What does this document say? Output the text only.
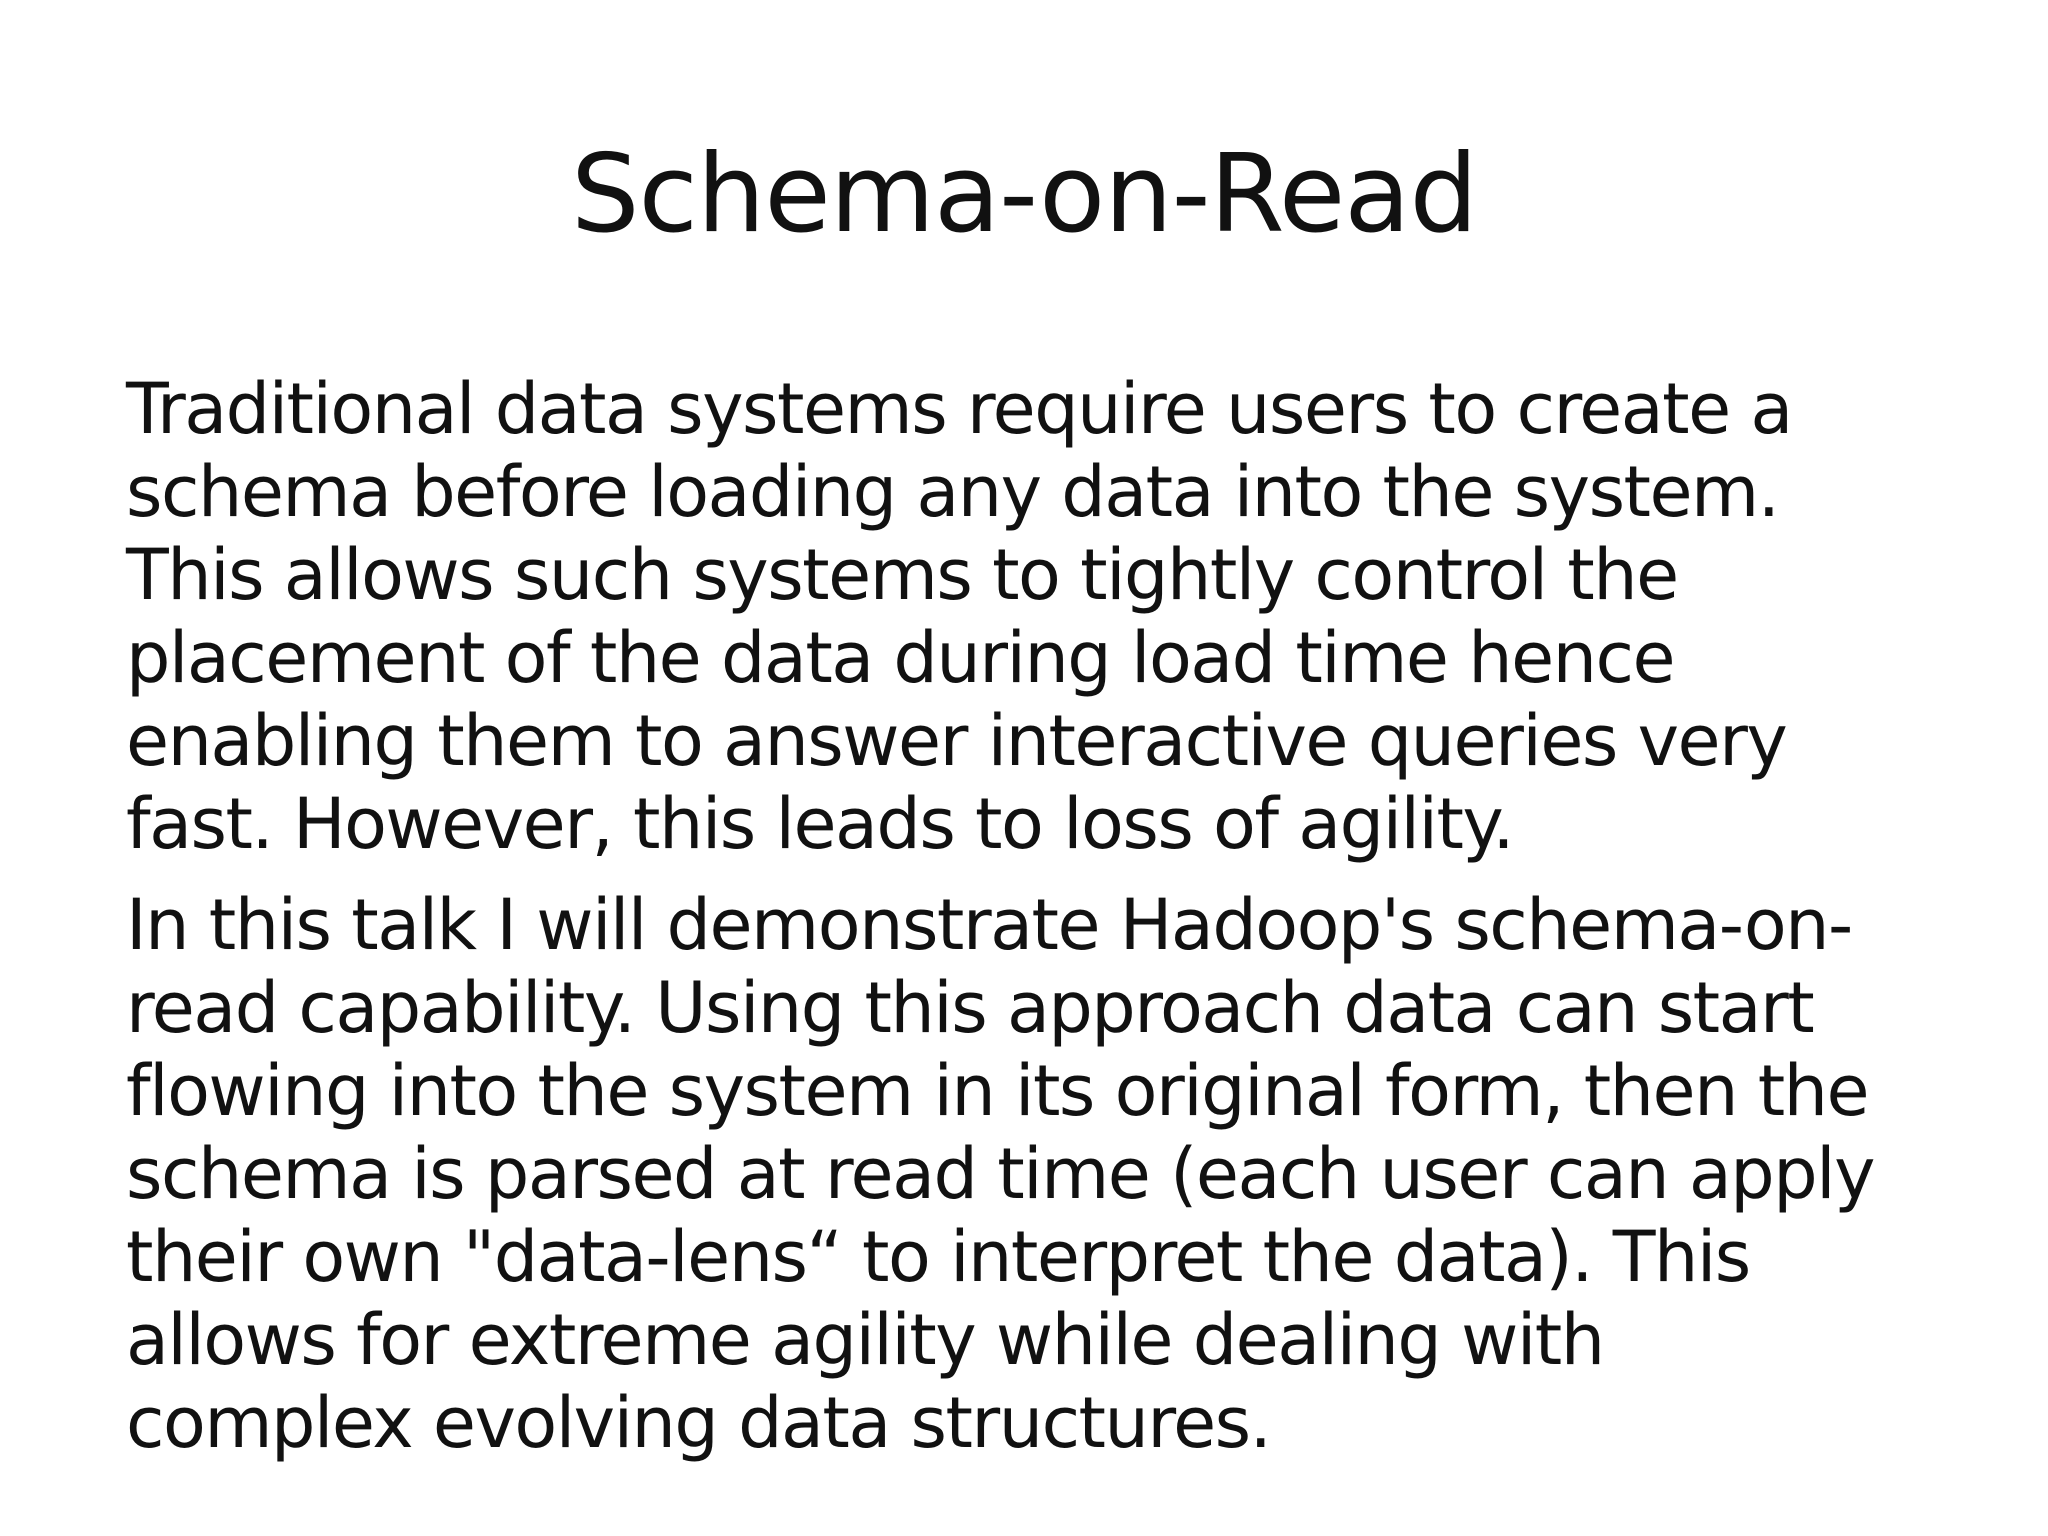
Schema-on-Read

Traditional data systems require users to create a
schema before loading any data into the system.
This allows such systems to tightly control the
placement of the data during load time hence
enabling them to answer interactive queries very
fast. However, this leads to loss of agility.

In this talk I will demonstrate Hadoop's schema-on-
read capability. Using this approach data can start
flowing into the system in its original form, then the
schema is parsed at read time (each user can apply
their own "data-lens“ to interpret the data). This
allows for extreme agility while dealing with
complex evolving data structures.
